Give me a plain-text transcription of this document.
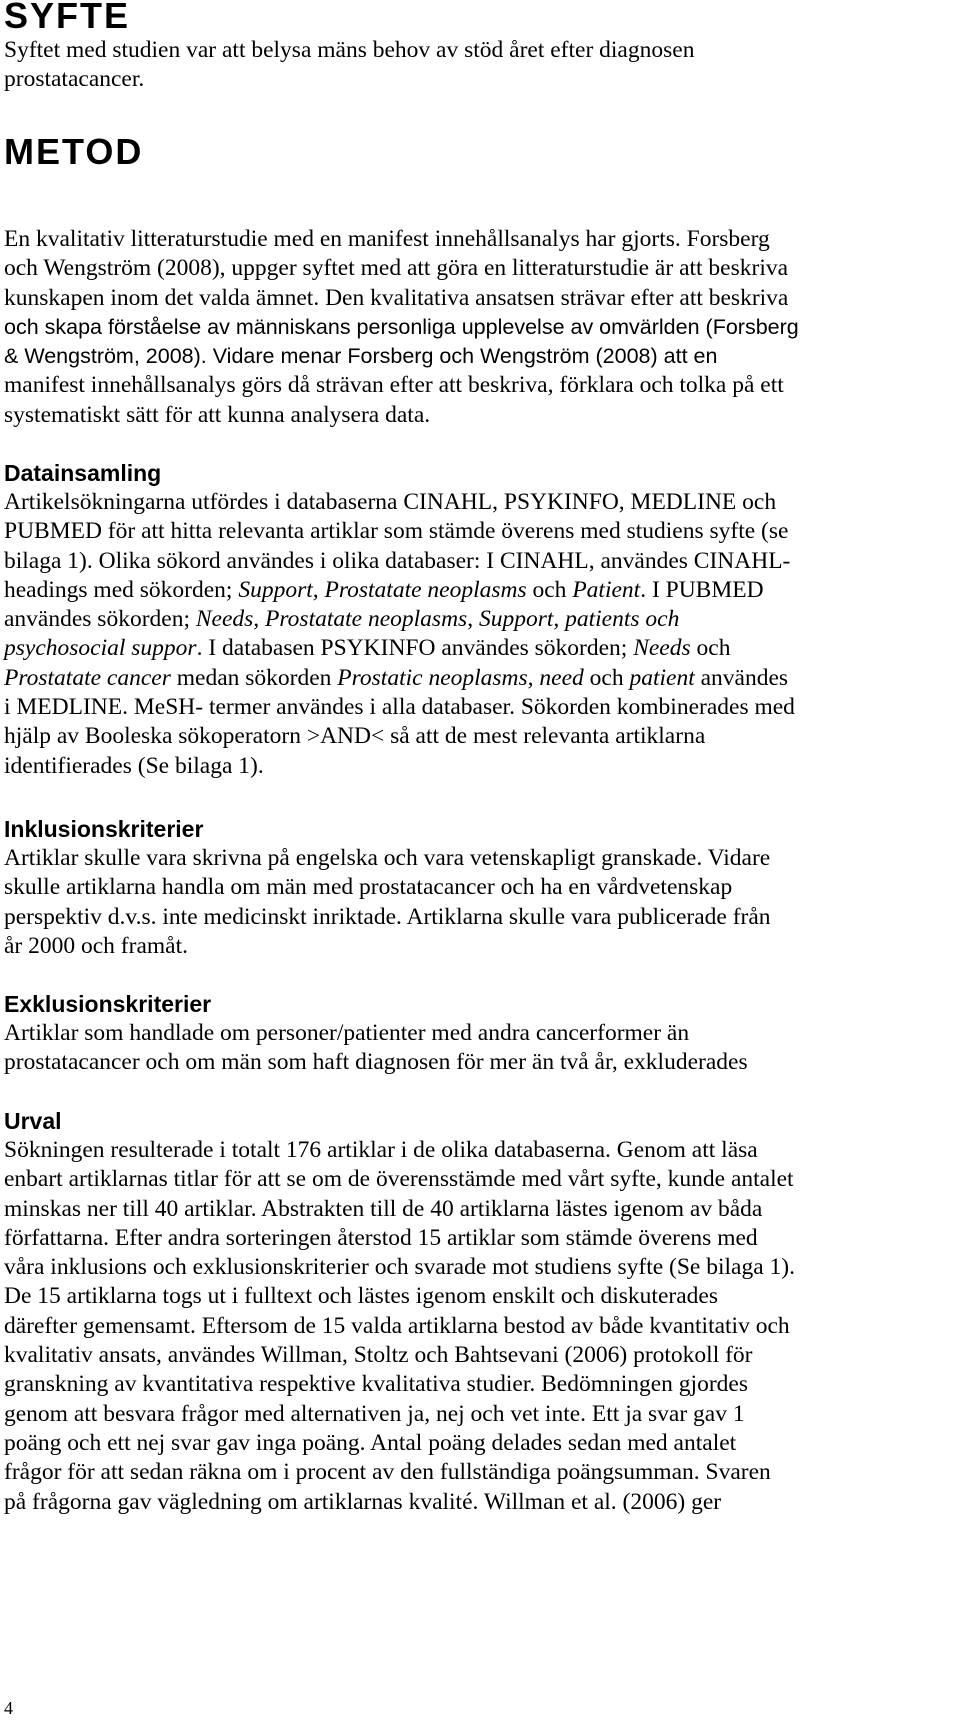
SYFTE
Syftet med studien var att belysa mäns behov av stöd året efter diagnosen
prostatacancer.
METOD
En kvalitativ litteraturstudie med en manifest innehållsanalys har gjorts. Forsberg
och Wengström (2008), uppger syftet med att göra en litteraturstudie är att beskriva
kunskapen inom det valda ämnet. Den kvalitativa ansatsen strävar efter att beskriva
och skapa förståelse av människans personliga upplevelse av omvärlden (Forsberg
& Wengström, 2008). Vidare menar Forsberg och Wengström (2008) att en
manifest innehållsanalys görs då strävan efter att beskriva, förklara och tolka på ett
systematiskt sätt för att kunna analysera data.
Datainsamling
Artikelsökningarna utfördes i databaserna CINAHL, PSYKINFO, MEDLINE och
PUBMED för att hitta relevanta artiklar som stämde överens med studiens syfte (se
bilaga 1). Olika sökord användes i olika databaser: I CINAHL, användes CINAHL-
headings med sökorden; Support, Prostatate neoplasms och Patient. I PUBMED
användes sökorden; Needs, Prostatate neoplasms, Support, patients och
psychosocial suppor. I databasen PSYKINFO användes sökorden; Needs och
Prostatate cancer medan sökorden Prostatic neoplasms, need och patient användes
i MEDLINE. MeSH- termer användes i alla databaser. Sökorden kombinerades med
hjälp av Booleska sökoperatorn >AND< så att de mest relevanta artiklarna
identifierades (Se bilaga 1).
Inklusionskriterier
Artiklar skulle vara skrivna på engelska och vara vetenskapligt granskade. Vidare
skulle artiklarna handla om män med prostatacancer och ha en vårdvetenskap
perspektiv d.v.s. inte medicinskt inriktade. Artiklarna skulle vara publicerade från
år 2000 och framåt.
Exklusionskriterier
Artiklar som handlade om personer/patienter med andra cancerformer än
prostatacancer och om män som haft diagnosen för mer än två år, exkluderades
Urval
Sökningen resulterade i totalt 176 artiklar i de olika databaserna. Genom att läsa
enbart artiklarnas titlar för att se om de överensstämde med vårt syfte, kunde antalet
minskas ner till 40 artiklar. Abstrakten till de 40 artiklarna lästes igenom av båda
författarna. Efter andra sorteringen återstod 15 artiklar som stämde överens med
våra inklusions och exklusionskriterier och svarade mot studiens syfte (Se bilaga 1).
De 15 artiklarna togs ut i fulltext och lästes igenom enskilt och diskuterades
därefter gemensamt. Eftersom de 15 valda artiklarna bestod av både kvantitativ och
kvalitativ ansats, användes Willman, Stoltz och Bahtsevani (2006) protokoll för
granskning av kvantitativa respektive kvalitativa studier. Bedömningen gjordes
genom att besvara frågor med alternativen ja, nej och vet inte. Ett ja svar gav 1
poäng och ett nej svar gav inga poäng. Antal poäng delades sedan med antalet
frågor för att sedan räkna om i procent av den fullständiga poängsumman. Svaren
på frågorna gav vägledning om artiklarnas kvalité. Willman et al. (2006) ger
4
